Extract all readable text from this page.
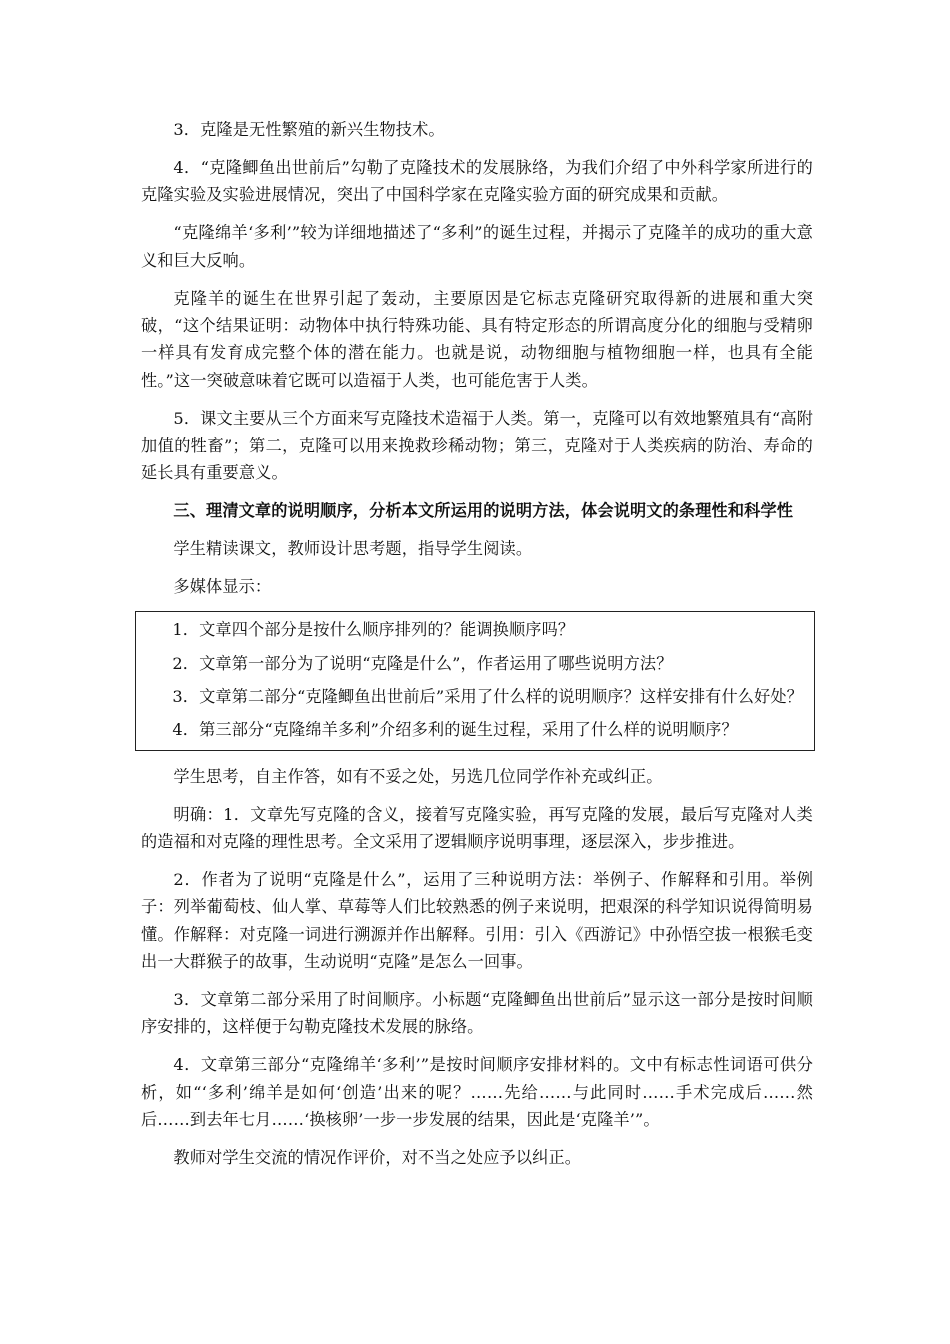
3．克隆是无性繁殖的新兴生物技术。

4．“克隆鲫鱼出世前后”勾勒了克隆技术的发展脉络，为我们介绍了中外科学家所进行的克隆实验及实验进展情况，突出了中国科学家在克隆实验方面的研究成果和贡献。

“克隆绵羊‘多利’”较为详细地描述了“多利”的诞生过程，并揭示了克隆羊的成功的重大意义和巨大反响。

克隆羊的诞生在世界引起了轰动，主要原因是它标志克隆研究取得新的进展和重大突破，“这个结果证明：动物体中执行特殊功能、具有特定形态的所谓高度分化的细胞与受精卵一样具有发育成完整个体的潜在能力。也就是说，动物细胞与植物细胞一样，也具有全能性。”这一突破意味着它既可以造福于人类，也可能危害于人类。

5．课文主要从三个方面来写克隆技术造福于人类。第一，克隆可以有效地繁殖具有“高附加值的牲畜”；第二，克隆可以用来挽救珍稀动物；第三，克隆对于人类疾病的防治、寿命的延长具有重要意义。

三、理清文章的说明顺序，分析本文所运用的说明方法，体会说明文的条理性和科学性

学生精读课文，教师设计思考题，指导学生阅读。

多媒体显示：

1．文章四个部分是按什么顺序排列的？能调换顺序吗？

2．文章第一部分为了说明“克隆是什么”，作者运用了哪些说明方法？

3．文章第二部分“克隆鲫鱼出世前后”采用了什么样的说明顺序？这样安排有什么好处？

4．第三部分“克隆绵羊多利”介绍多利的诞生过程，采用了什么样的说明顺序？

学生思考，自主作答，如有不妥之处，另选几位同学作补充或纠正。

明确：1．文章先写克隆的含义，接着写克隆实验，再写克隆的发展，最后写克隆对人类的造福和对克隆的理性思考。全文采用了逻辑顺序说明事理，逐层深入，步步推进。

2．作者为了说明“克隆是什么”，运用了三种说明方法：举例子、作解释和引用。举例子：列举葡萄枝、仙人掌、草莓等人们比较熟悉的例子来说明，把艰深的科学知识说得简明易懂。作解释：对克隆一词进行溯源并作出解释。引用：引入《西游记》中孙悟空拔一根猴毛变出一大群猴子的故事，生动说明“克隆”是怎么一回事。

3．文章第二部分采用了时间顺序。小标题“克隆鲫鱼出世前后”显示这一部分是按时间顺序安排的，这样便于勾勒克隆技术发展的脉络。

4．文章第三部分“克隆绵羊‘多利’”是按时间顺序安排材料的。文中有标志性词语可供分析，如“‘多利’绵羊是如何‘创造’出来的呢？……先给……与此同时……手术完成后……然后……到去年七月……‘换核卵’一步一步发展的结果，因此是‘克隆羊’”。

教师对学生交流的情况作评价，对不当之处应予以纠正。
